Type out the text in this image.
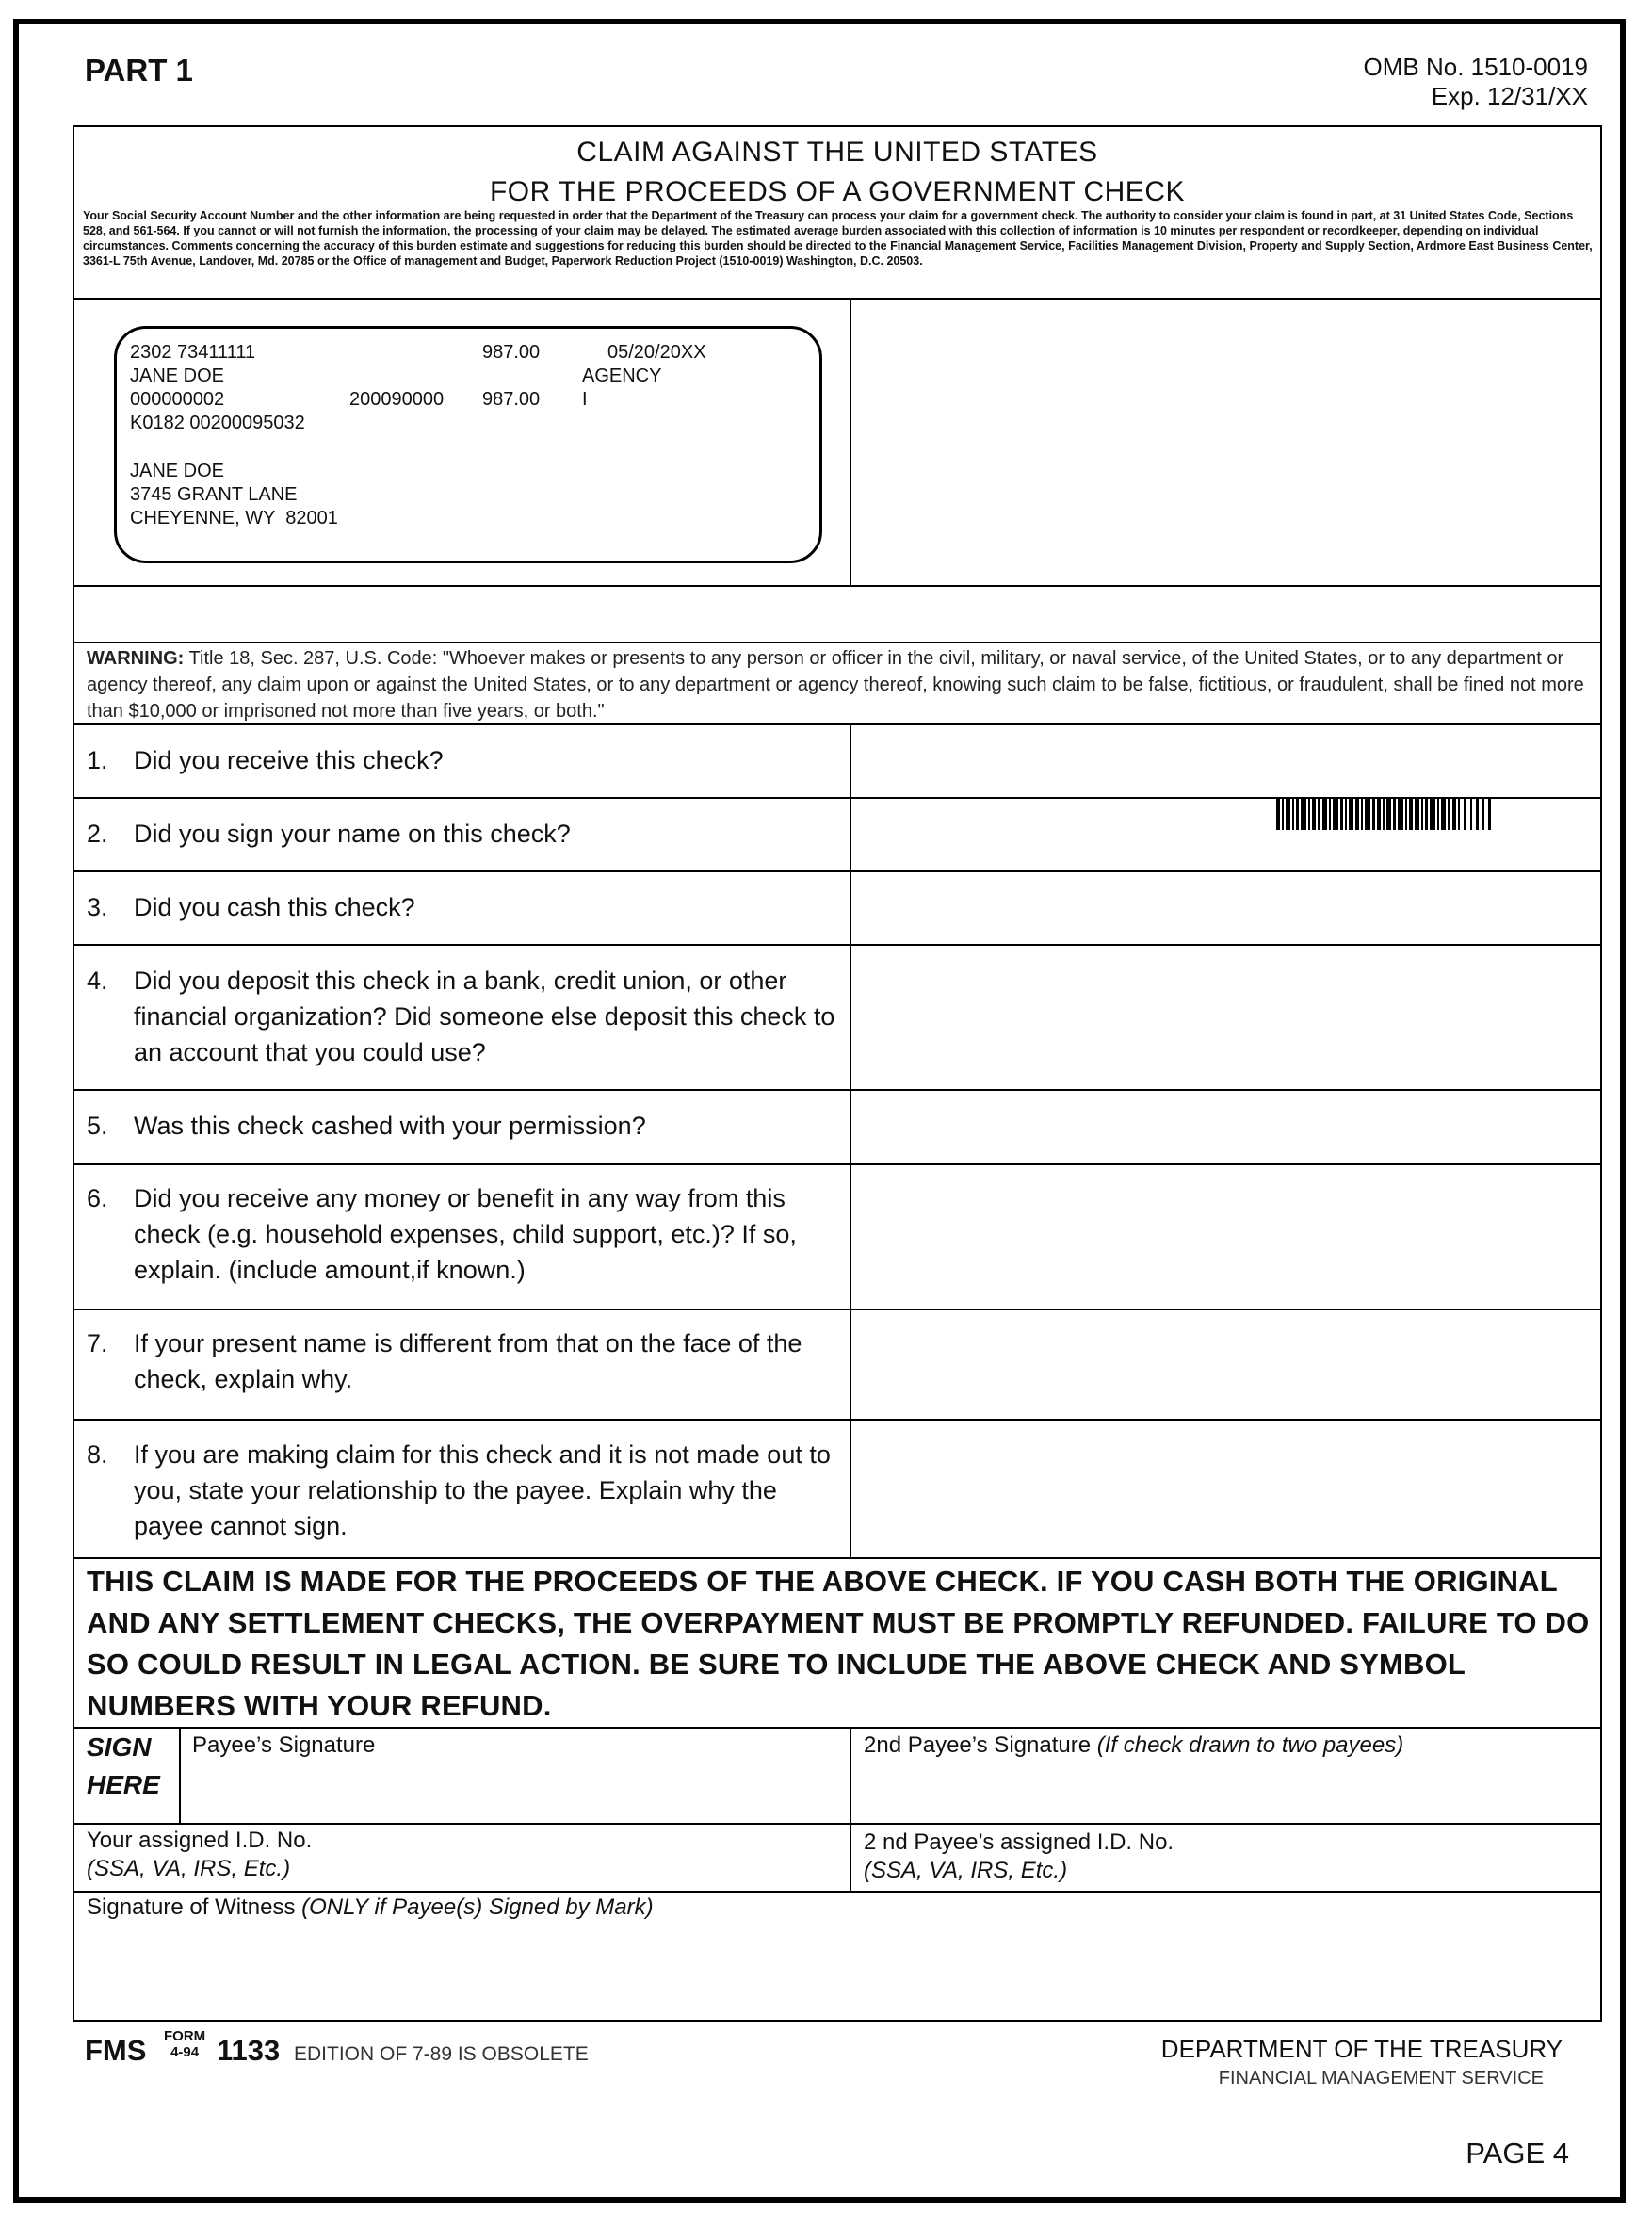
PART 1	OMB No. 1510-0019
Exp. 12/31/XX
CLAIM AGAINST THE UNITED STATES
FOR THE PROCEEDS OF A GOVERNMENT CHECK
Your Social Security Account Number and the other information are being requested in order that the Department of the Treasury can process your claim for a government check. The authority to consider your claim is found in part, at 31 United States Code, Sections 528, and 561-564. If you cannot or will not furnish the information, the processing of your claim may be delayed. The estimated average burden associated with this collection of information is 10 minutes per respondent or recordkeeper, depending on individual circumstances. Comments concerning the accuracy of this burden estimate and suggestions for reducing this burden should be directed to the Financial Management Service, Facilities Management Division, Property and Supply Section, Ardmore East Business Center, 3361-L 75th Avenue, Landover, Md. 20785 or the Office of management and Budget, Paperwork Reduction Project (1510-0019) Washington, D.C. 20503.
2302 73411111	987.00	05/20/20XX
JANE DOE	AGENCY
000000002	200090000 987.00 I
K0182 00200095032
JANE DOE
3745 GRANT LANE
CHEYENNE, WY  82001
WARNING: Title 18, Sec. 287, U.S. Code: "Whoever makes or presents to any person or officer in the civil, military, or naval service, of the United States, or to any department or agency thereof, any claim upon or against the United States, or to any department or agency thereof, knowing such claim to be false, fictitious, or fraudulent, shall be fined not more than $10,000 or imprisoned not more than five years, or both."
1. Did you receive this check?
2. Did you sign your name on this check?
3. Did you cash this check?
4. Did you deposit this check in a bank, credit union, or other financial organization? Did someone else deposit this check to an account that you could use?
5. Was this check cashed with your permission?
6. Did you receive any money or benefit in any way from this check (e.g. household expenses, child support, etc.)? If so, explain. (include amount,if known.)
7. If your present name is different from that on the face of the check, explain why.
8. If you are making claim for this check and it is not made out to you, state your relationship to the payee. Explain why the payee cannot sign.
THIS CLAIM IS MADE FOR THE PROCEEDS OF THE ABOVE CHECK. IF YOU CASH BOTH THE ORIGINAL AND ANY SETTLEMENT CHECKS, THE OVERPAYMENT MUST BE PROMPTLY REFUNDED. FAILURE TO DO SO COULD RESULT IN LEGAL ACTION. BE SURE TO INCLUDE THE ABOVE CHECK AND SYMBOL NUMBERS WITH YOUR REFUND.
SIGN
HERE
Payee’s Signature	2nd Payee’s Signature (If check drawn to two payees)
Your assigned I.D. No.
(SSA, VA, IRS, Etc.)
2 nd Payee’s assigned I.D. No.
(SSA, VA, IRS, Etc.)
Signature of Witness (ONLY if Payee(s) Signed by Mark)
FMS FORM
4-94 1133 EDITION OF 7-89 IS OBSOLETE	DEPARTMENT OF THE TREASURY
FINANCIAL MANAGEMENT SERVICE
PAGE 4
